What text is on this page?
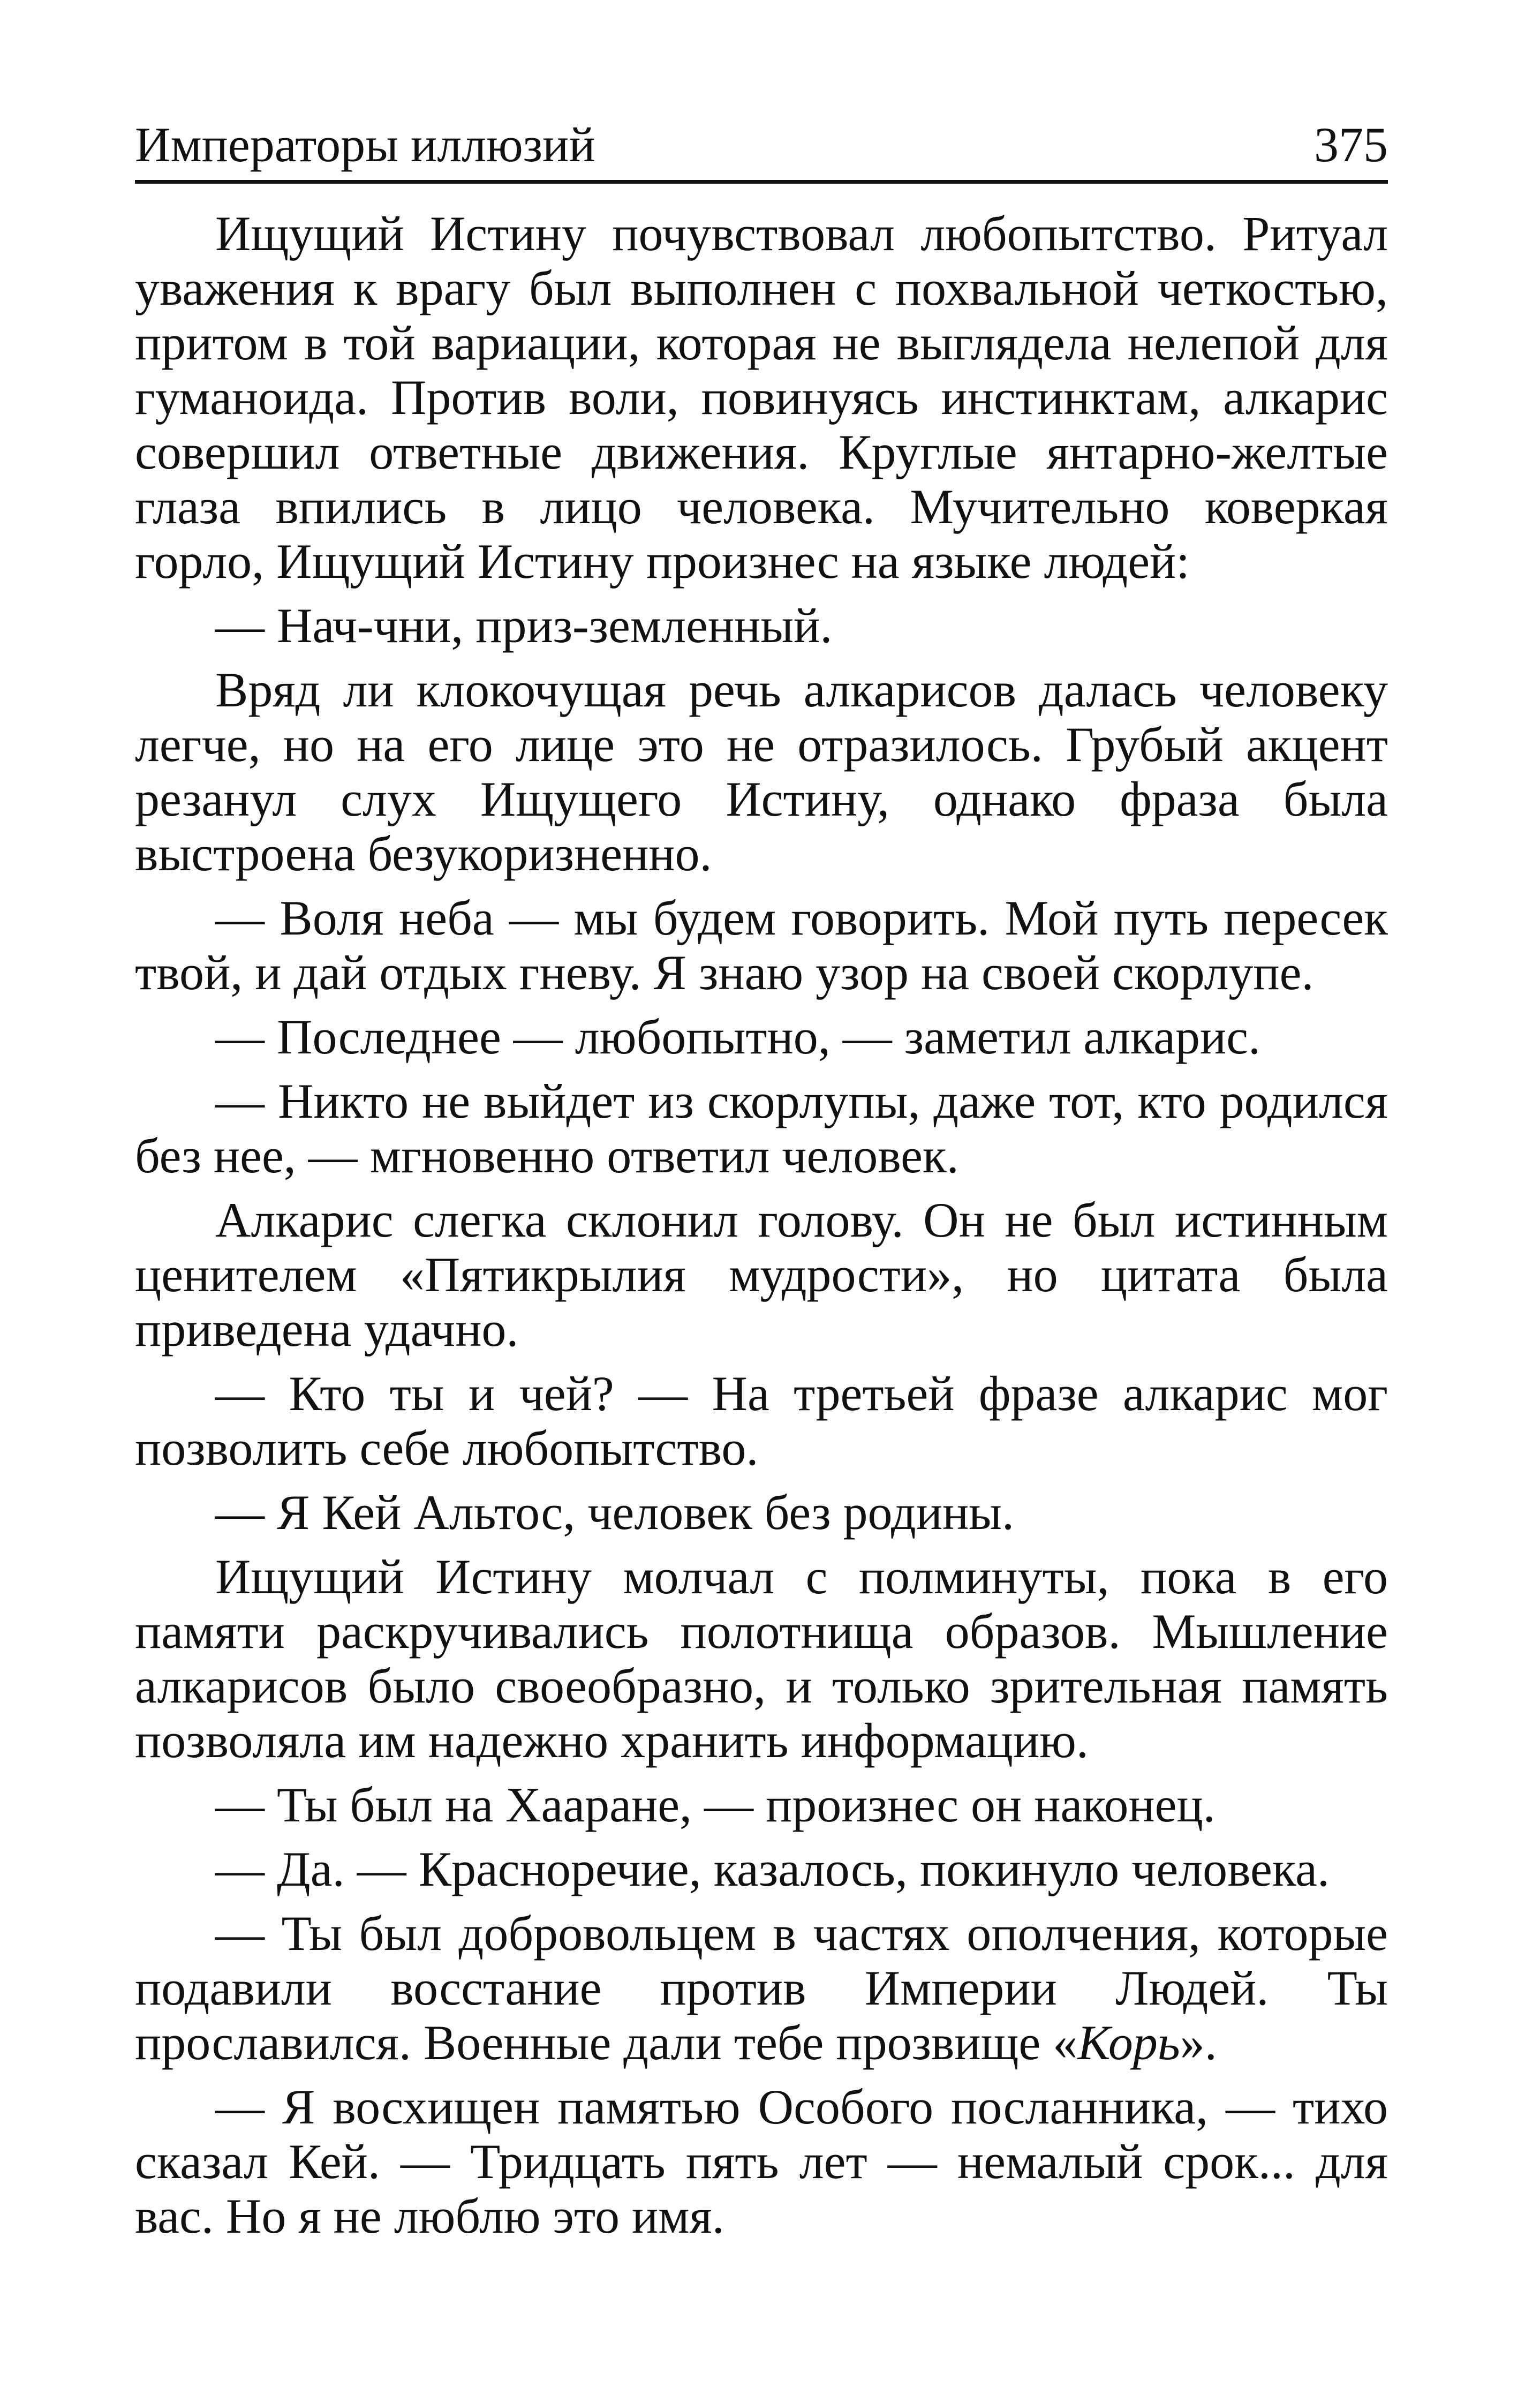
Императоры иллюзий	375

Ищущий Истину почувствовал любопытство. Ритуал уважения к врагу был выполнен с похвальной четкостью, притом в той вариации, которая не выглядела нелепой для гуманоида. Против воли, повинуясь инстинктам, алкарис совершил ответные движения. Круглые янтарно-желтые глаза впились в лицо человека. Мучительно коверкая горло, Ищущий Истину произнес на языке людей:

— Нач-чни, приз-земленный.

Вряд ли клокочущая речь алкарисов далась человеку легче, но на его лице это не отразилось. Грубый акцент резанул слух Ищущего Истину, однако фраза была выстроена безукоризненно.

— Воля неба — мы будем говорить. Мой путь пересек твой, и дай отдых гневу. Я знаю узор на своей скорлупе.

— Последнее — любопытно, — заметил алкарис.

— Никто не выйдет из скорлупы, даже тот, кто родился без нее, — мгновенно ответил человек.

Алкарис слегка склонил голову. Он не был истинным ценителем «Пятикрылия мудрости», но цитата была приведена удачно.

— Кто ты и чей? — На третьей фразе алкарис мог позволить себе любопытство.

— Я Кей Альтос, человек без родины.

Ищущий Истину молчал с полминуты, пока в его памяти раскручивались полотнища образов. Мышление алкарисов было своеобразно, и только зрительная память позволяла им надежно хранить информацию.

— Ты был на Хааране, — произнес он наконец.

— Да. — Красноречие, казалось, покинуло человека.

— Ты был добровольцем в частях ополчения, которые подавили восстание против Империи Людей. Ты прославился. Военные дали тебе прозвище «Корь».

— Я восхищен памятью Особого посланника, — тихо сказал Кей. — Тридцать пять лет — немалый срок... для вас. Но я не люблю это имя.
